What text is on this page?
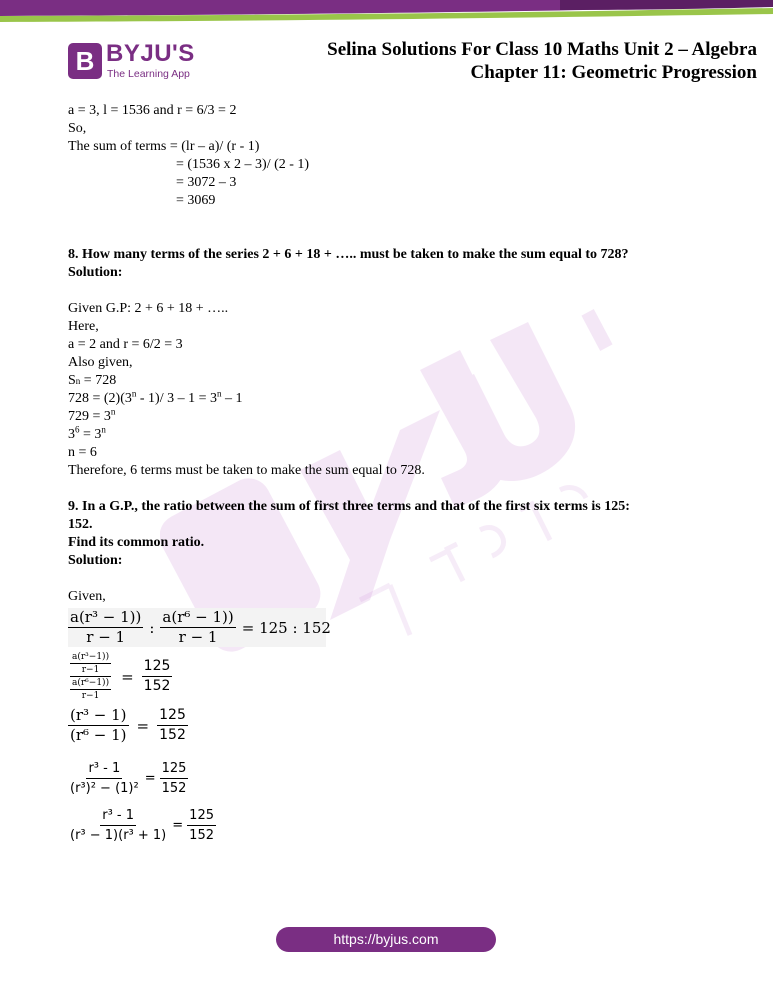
B BYJU'S
The Learning App
Selina Solutions For Class 10 Maths Unit 2 – Algebra
Chapter 11: Geometric Progression
a = 3, l = 1536 and r = 6/3 = 2
So,
The sum of terms = (lr – a)/ (r - 1)
= (1536 x 2 – 3)/ (2 - 1)
= 3072 – 3
= 3069
8. How many terms of the series 2 + 6 + 18 + ….. must be taken to make the sum equal to 728?
Solution:
Given G.P: 2 + 6 + 18 + …..
Here,
a = 2 and r = 6/2 = 3
Also given,
Sn = 728
$728 = (2)(3^n - 1)/$ $3 - 1 = 3^n - 1$
$729 = 3^n$
$3^6 = 3^n$
n = 6
Therefore, 6 terms must be taken to make the sum equal to 728.
9. In a G.P., the ratio between the sum of first three terms and that of the first six terms is 125:
152.
Find its common ratio.
Solution:
Given,
$\frac{\text{a(r³ − 1))}}{r - 1}$ : $\frac{\text{a(r⁶ − 1))}}{r - 1} = 125$ : 152
$\frac{\frac{\text{a(r³−1))}}{r-1}}{\frac{\text{a(r⁶−1))}}{r-1}} = \frac{125}{152}$
$\frac{\text{(r³ − 1)}}{\text{(r⁶ − 1)}} = \frac{125}{152}$
$\frac{\text{r³ - 1}}{\text{(r³)² − (1)²}} = \frac{125}{152}$
$\frac{\text{r³ - 1}}{\text{(r³ − 1)(r³ + 1)}} = \frac{125}{152}$
https://byjus.com
